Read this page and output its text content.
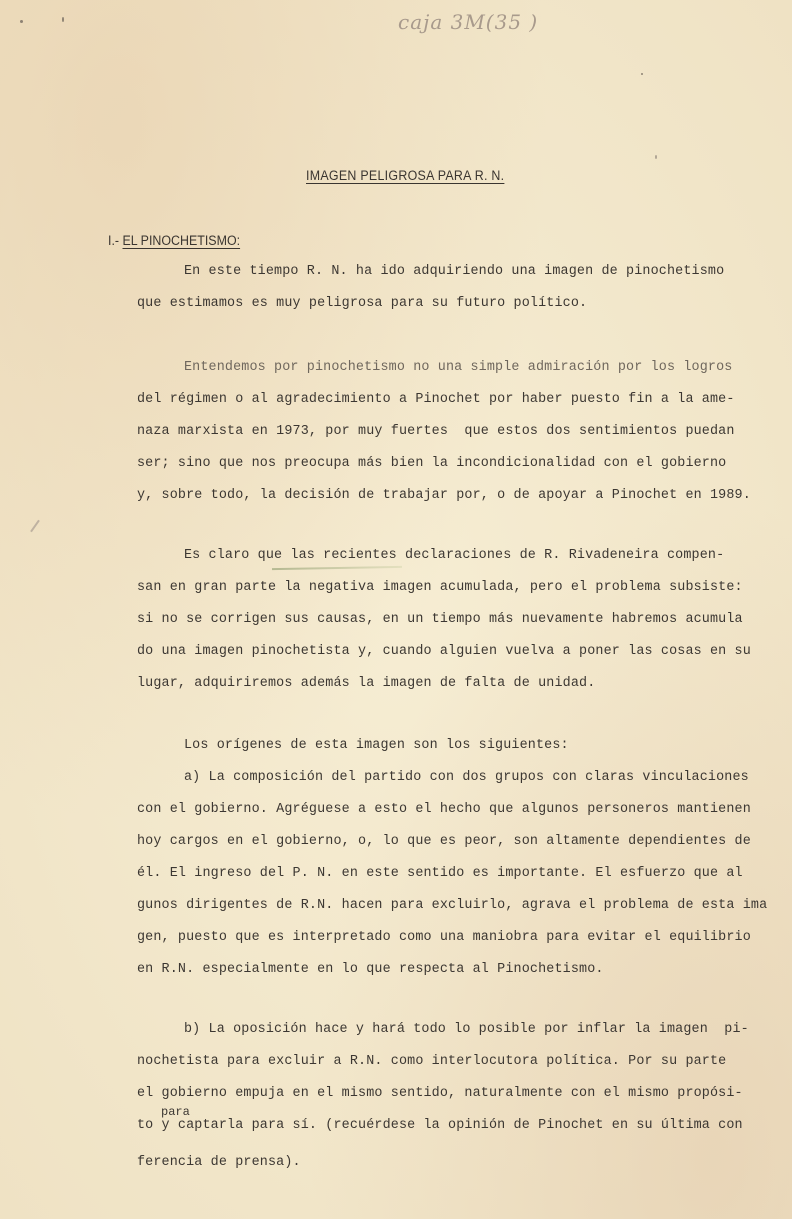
caja 3M(35 )
IMAGEN PELIGROSA PARA R. N.
I.- EL PINOCHETISMO:
En este tiempo R. N. ha ido adquiriendo una imagen de pinochetismo
que estimamos es muy peligrosa para su futuro político.
Entendemos por pinochetismo no una simple admiración por los logros
del régimen o al agradecimiento a Pinochet por haber puesto fin a la ame-
naza marxista en 1973, por muy fuertes  que estos dos sentimientos puedan
ser; sino que nos preocupa más bien la incondicionalidad con el gobierno
y, sobre todo, la decisión de trabajar por, o de apoyar a Pinochet en 1989.
Es claro que las recientes declaraciones de R. Rivadeneira compen-
san en gran parte la negativa imagen acumulada, pero el problema subsiste:
si no se corrigen sus causas, en un tiempo más nuevamente habremos acumula
do una imagen pinochetista y, cuando alguien vuelva a poner las cosas en su
lugar, adquiriremos además la imagen de falta de unidad.
Los orígenes de esta imagen son los siguientes:
a) La composición del partido con dos grupos con claras vinculaciones
con el gobierno. Agréguese a esto el hecho que algunos personeros mantienen
hoy cargos en el gobierno, o, lo que es peor, son altamente dependientes de
él. El ingreso del P. N. en este sentido es importante. El esfuerzo que al
gunos dirigentes de R.N. hacen para excluirlo, agrava el problema de esta ima
gen, puesto que es interpretado como una maniobra para evitar el equilibrio
en R.N. especialmente en lo que respecta al Pinochetismo.
b) La oposición hace y hará todo lo posible por inflar la imagen  pi-
nochetista para excluir a R.N. como interlocutora política. Por su parte
el gobierno empuja en el mismo sentido, naturalmente con el mismo propósi-
para
to y captarla para sí. (recuérdese la opinión de Pinochet en su última con
ferencia de prensa).
